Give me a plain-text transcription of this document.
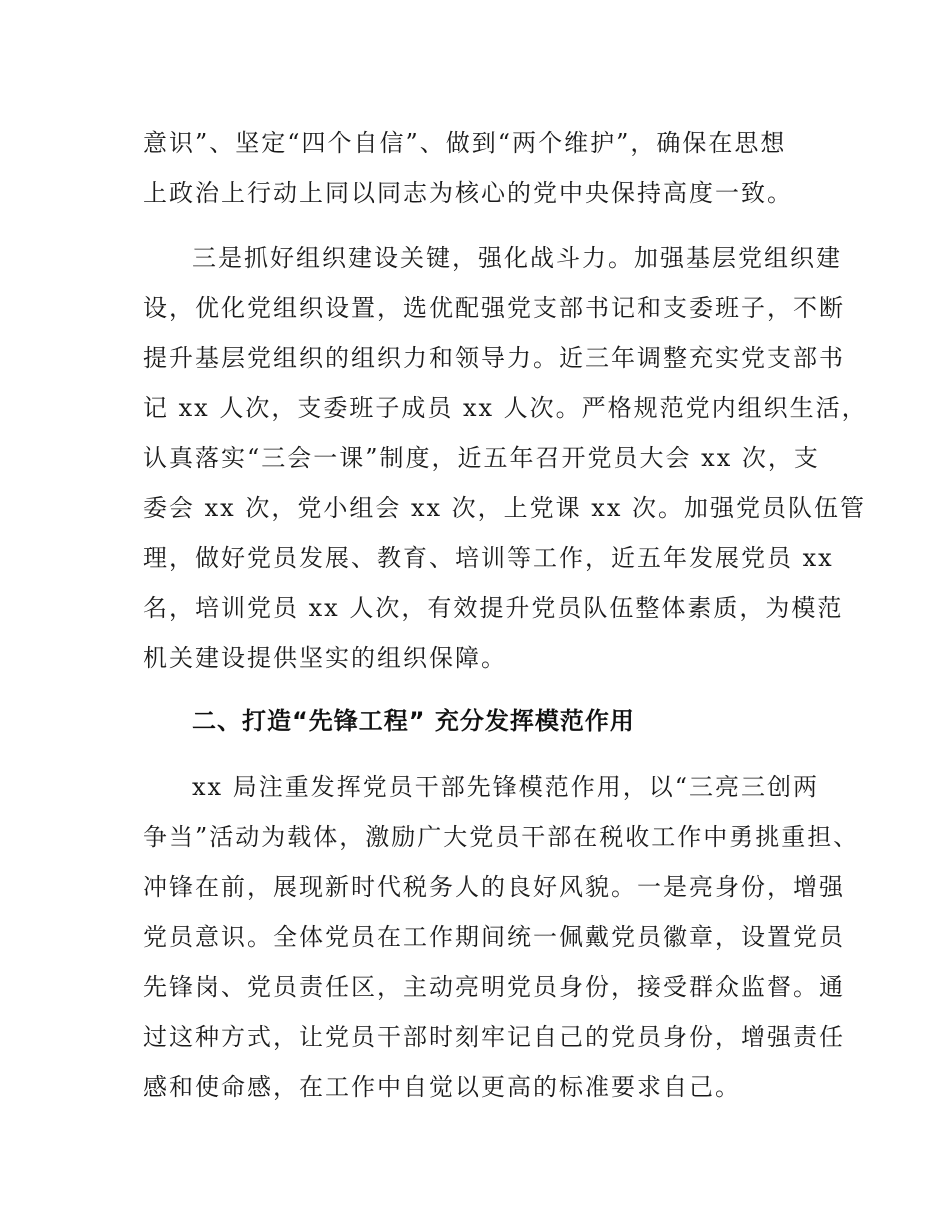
意识”、坚定“四个自信”、做到“两个维护”，确保在思想
上政治上行动上同以同志为核心的党中央保持高度一致。
三是抓好组织建设关键，强化战斗力。加强基层党组织建
设，优化党组织设置，选优配强党支部书记和支委班子，不断
提升基层党组织的组织力和领导力。近三年调整充实党支部书
记 xx 人次，支委班子成员 xx 人次。严格规范党内组织生活，
认真落实“三会一课”制度，近五年召开党员大会 xx 次，支
委会 xx 次，党小组会 xx 次，上党课 xx 次。加强党员队伍管
理，做好党员发展、教育、培训等工作，近五年发展党员 xx
名，培训党员 xx 人次，有效提升党员队伍整体素质，为模范
机关建设提供坚实的组织保障。
二、打造“先锋工程” 充分发挥模范作用
xx 局注重发挥党员干部先锋模范作用，以“三亮三创两
争当”活动为载体，激励广大党员干部在税收工作中勇挑重担、
冲锋在前，展现新时代税务人的良好风貌。一是亮身份，增强
党员意识。全体党员在工作期间统一佩戴党员徽章，设置党员
先锋岗、党员责任区，主动亮明党员身份，接受群众监督。通
过这种方式，让党员干部时刻牢记自己的党员身份，增强责任
感和使命感，在工作中自觉以更高的标准要求自己。
